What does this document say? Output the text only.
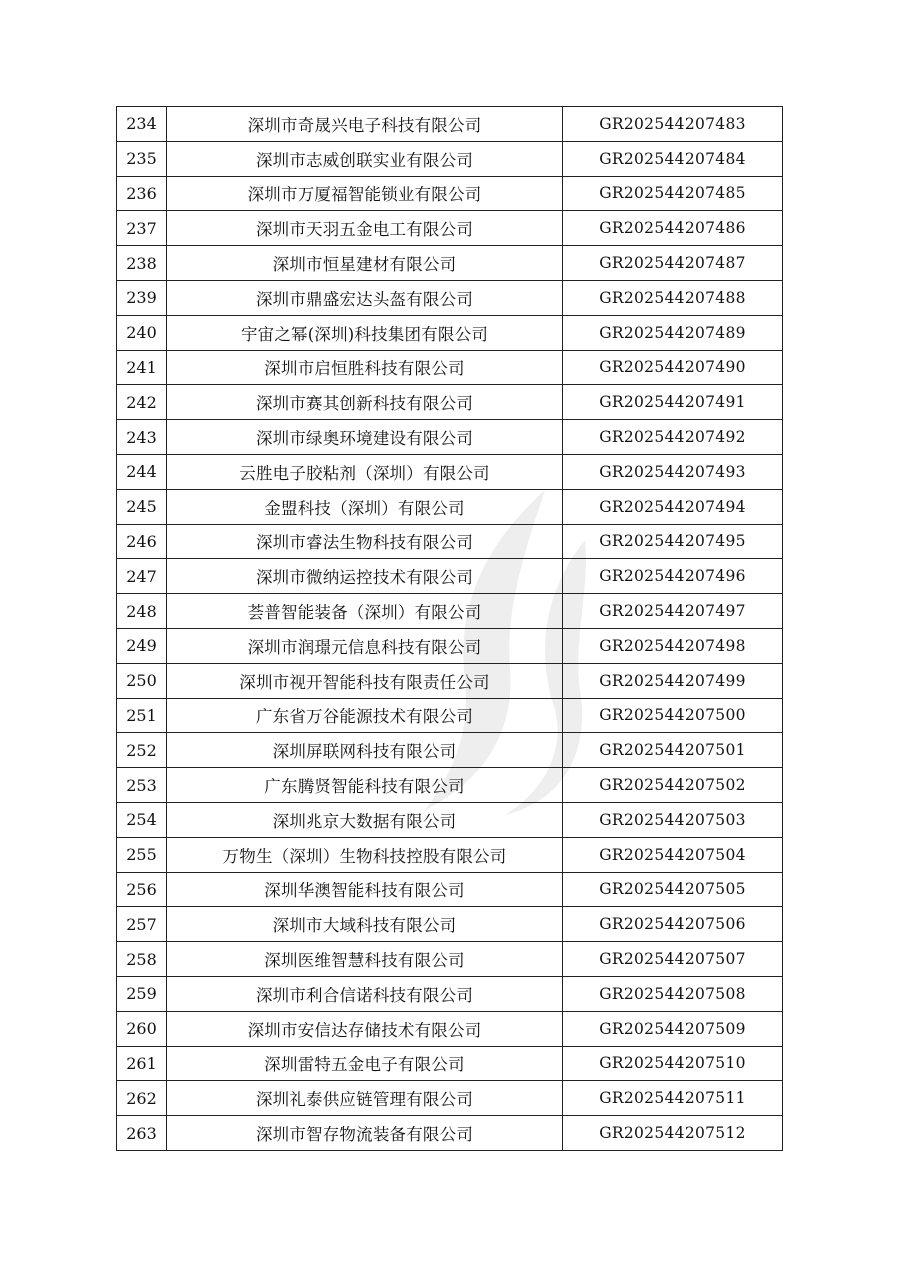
234	深圳市奇晟兴电子科技有限公司	GR202544207483
235	深圳市志威创联实业有限公司	GR202544207484
236	深圳市万厦福智能锁业有限公司	GR202544207485
237	深圳市天羽五金电工有限公司	GR202544207486
238	深圳市恒星建材有限公司	GR202544207487
239	深圳市鼎盛宏达头盔有限公司	GR202544207488
240	宇宙之幂(深圳)科技集团有限公司	GR202544207489
241	深圳市启恒胜科技有限公司	GR202544207490
242	深圳市赛其创新科技有限公司	GR202544207491
243	深圳市绿奥环境建设有限公司	GR202544207492
244	云胜电子胶粘剂（深圳）有限公司	GR202544207493
245	金盟科技（深圳）有限公司	GR202544207494
246	深圳市睿法生物科技有限公司	GR202544207495
247	深圳市微纳运控技术有限公司	GR202544207496
248	荟普智能装备（深圳）有限公司	GR202544207497
249	深圳市润璟元信息科技有限公司	GR202544207498
250	深圳市视开智能科技有限责任公司	GR202544207499
251	广东省万谷能源技术有限公司	GR202544207500
252	深圳屏联网科技有限公司	GR202544207501
253	广东腾贤智能科技有限公司	GR202544207502
254	深圳兆京大数据有限公司	GR202544207503
255	万物生（深圳）生物科技控股有限公司	GR202544207504
256	深圳华澳智能科技有限公司	GR202544207505
257	深圳市大域科技有限公司	GR202544207506
258	深圳医维智慧科技有限公司	GR202544207507
259	深圳市利合信诺科技有限公司	GR202544207508
260	深圳市安信达存储技术有限公司	GR202544207509
261	深圳雷特五金电子有限公司	GR202544207510
262	深圳礼泰供应链管理有限公司	GR202544207511
263	深圳市智存物流装备有限公司	GR202544207512
